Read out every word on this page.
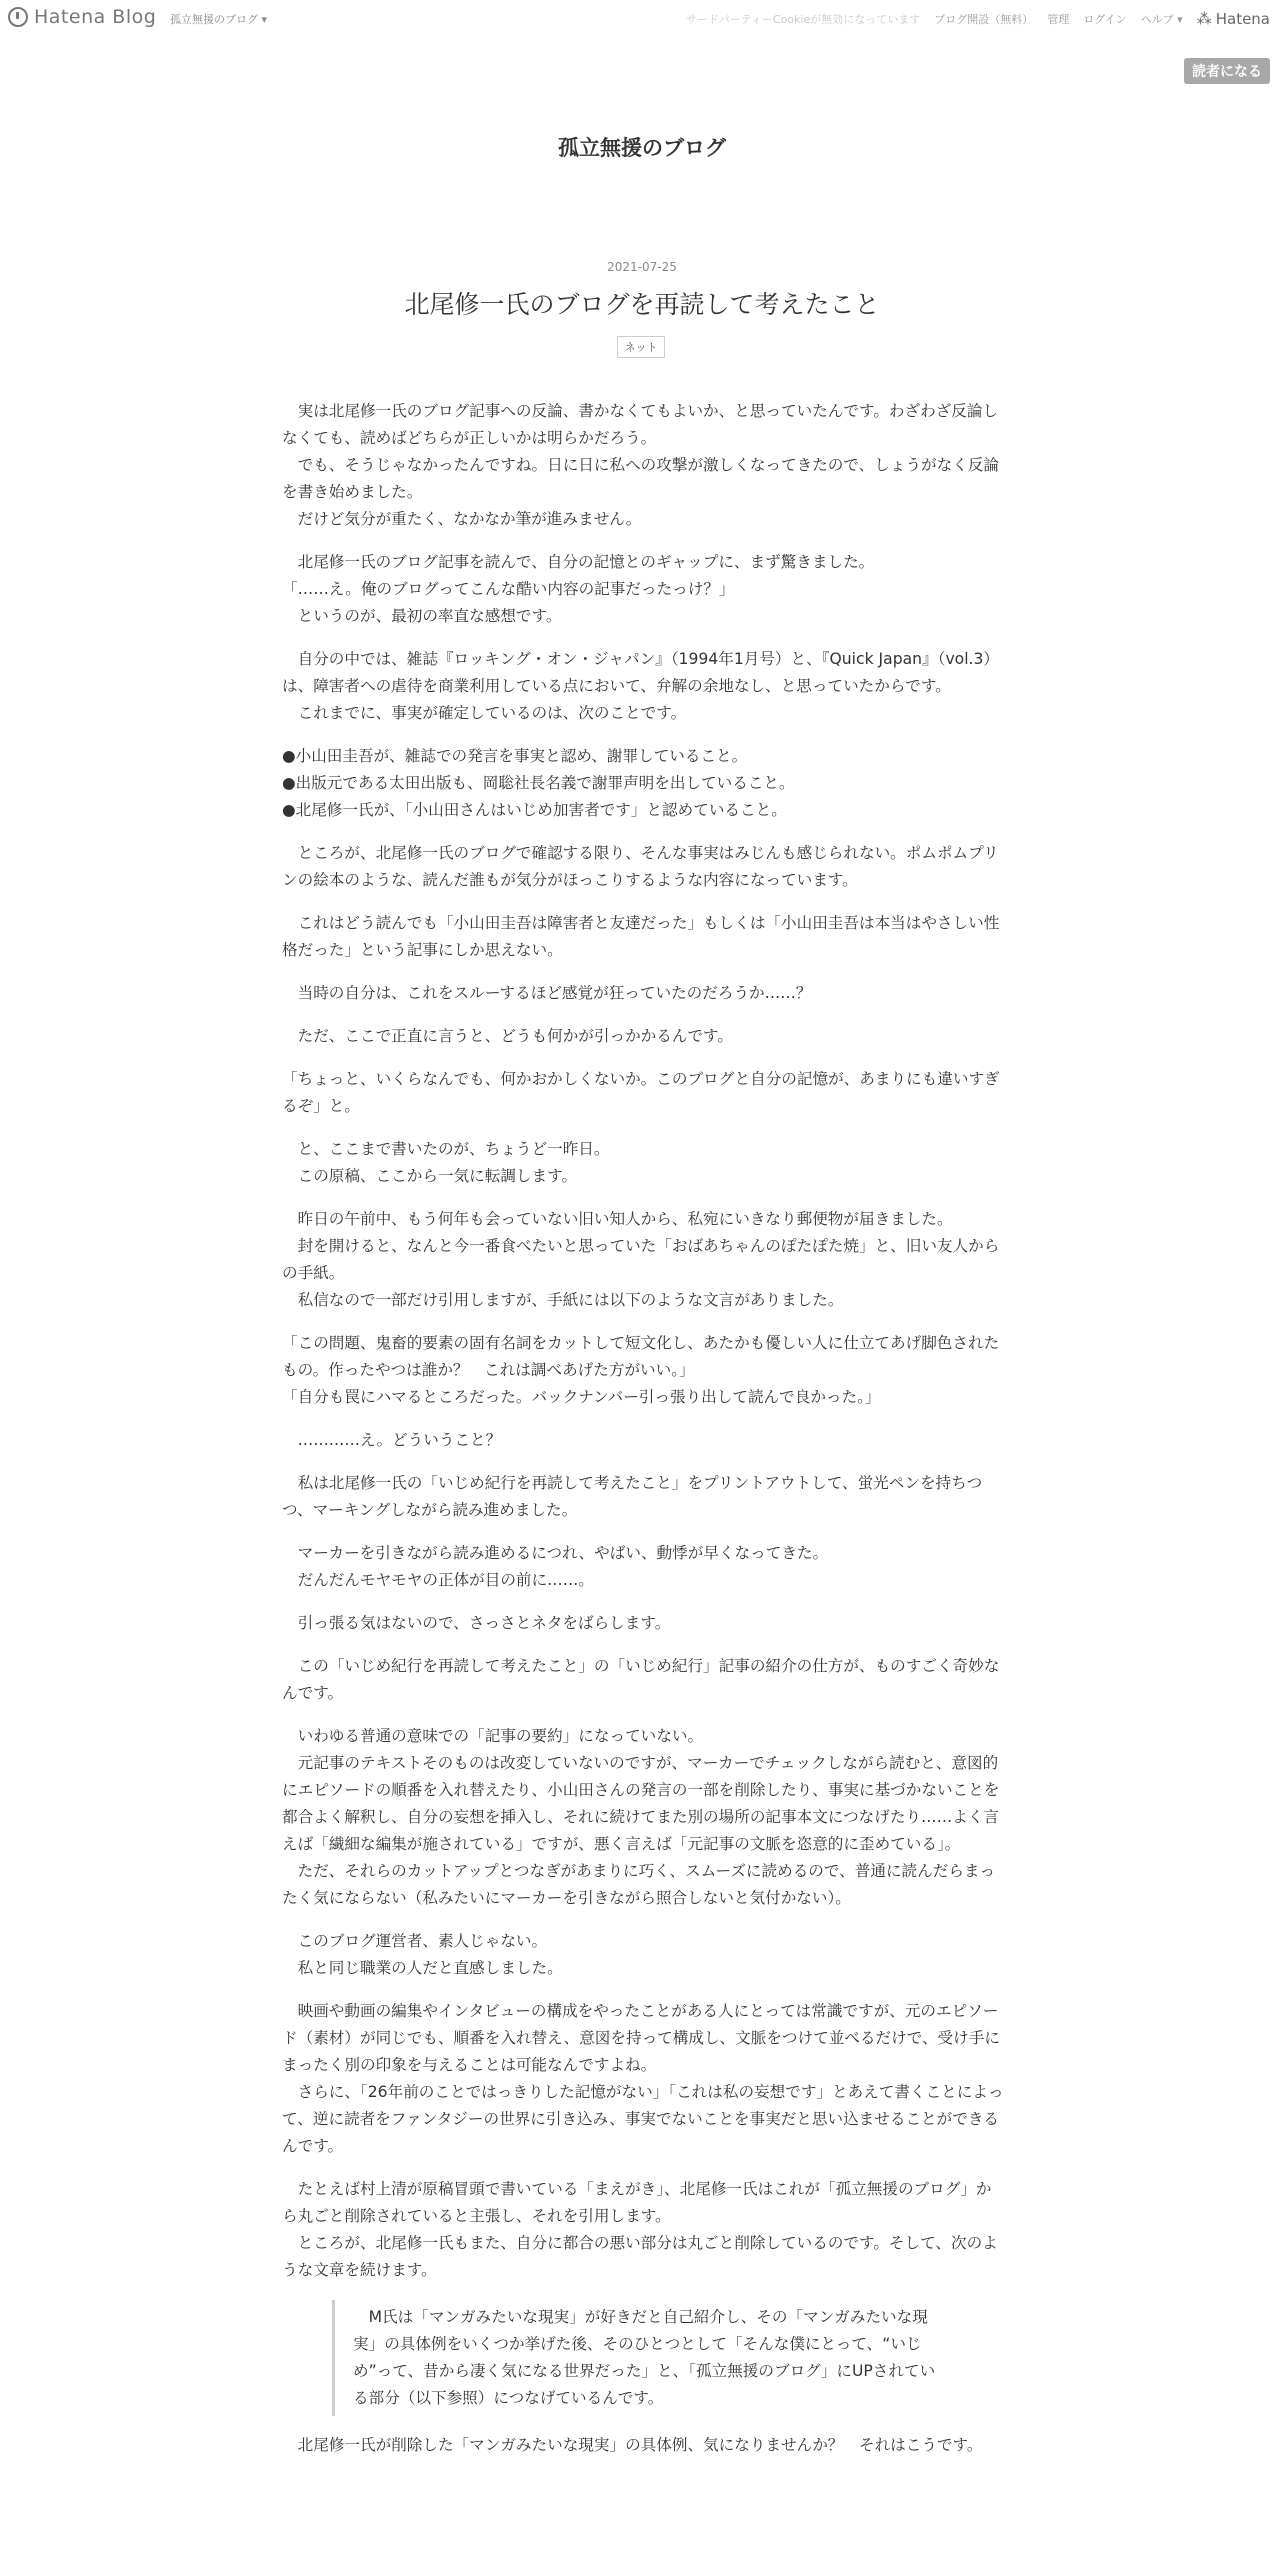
Hatena Blog 孤立無援のブログ ▾	サードパーティーCookieが無効になっています ブログ開設（無料） 管理 ログイン ヘルプ ▾ ⁂ Hatena
読者になる
孤立無援のブログ
2021-07-25
北尾修一氏のブログを再読して考えたこと
ネット

　実は北尾修一氏のブログ記事への反論、書かなくてもよいか、と思っていたんです。わざわざ反論しなくても、読めばどちらが正しいかは明らかだろう。

　でも、そうじゃなかったんですね。日に日に私への攻撃が激しくなってきたので、しょうがなく反論を書き始めました。

　だけど気分が重たく、なかなか筆が進みません。

　北尾修一氏のブログ記事を読んで、自分の記憶とのギャップに、まず驚きました。

「……え。俺のブログってこんな酷い内容の記事だったっけ？」

　というのが、最初の率直な感想です。

　自分の中では、雑誌『ロッキング・オン・ジャパン』（1994年1月号）と、『Quick Japan』（vol.3）は、障害者への虐待を商業利用している点において、弁解の余地なし、と思っていたからです。

　これまでに、事実が確定しているのは、次のことです。

●小山田圭吾が、雑誌での発言を事実と認め、謝罪していること。

●出版元である太田出版も、岡聡社長名義で謝罪声明を出していること。

●北尾修一氏が、「小山田さんはいじめ加害者です」と認めていること。

　ところが、北尾修一氏のブログで確認する限り、そんな事実はみじんも感じられない。ポムポムプリンの絵本のような、読んだ誰もが気分がほっこりするような内容になっています。

　これはどう読んでも「小山田圭吾は障害者と友達だった」もしくは「小山田圭吾は本当はやさしい性格だった」という記事にしか思えない。

　当時の自分は、これをスルーするほど感覚が狂っていたのだろうか……？

　ただ、ここで正直に言うと、どうも何かが引っかかるんです。

「ちょっと、いくらなんでも、何かおかしくないか。このブログと自分の記憶が、あまりにも違いすぎるぞ」と。

　と、ここまで書いたのが、ちょうど一昨日。

　この原稿、ここから一気に転調します。

　昨日の午前中、もう何年も会っていない旧い知人から、私宛にいきなり郵便物が届きました。

　封を開けると、なんと今一番食べたいと思っていた「おばあちゃんのぽたぽた焼」と、旧い友人からの手紙。

　私信なので一部だけ引用しますが、手紙には以下のような文言がありました。

「この問題、鬼畜的要素の固有名詞をカットして短文化し、あたかも優しい人に仕立てあげ脚色されたもの。作ったやつは誰か？　これは調べあげた方がいい。」

「自分も罠にハマるところだった。バックナンバー引っ張り出して読んで良かった。」

　…………え。どういうこと？

　私は北尾修一氏の「いじめ紀行を再読して考えたこと」をプリントアウトして、蛍光ペンを持ちつつ、マーキングしながら読み進めました。

　マーカーを引きながら読み進めるにつれ、やばい、動悸が早くなってきた。

　だんだんモヤモヤの正体が目の前に……。

　引っ張る気はないので、さっさとネタをばらします。

　この「いじめ紀行を再読して考えたこと」の「いじめ紀行」記事の紹介の仕方が、ものすごく奇妙なんです。

　いわゆる普通の意味での「記事の要約」になっていない。

　元記事のテキストそのものは改変していないのですが、マーカーでチェックしながら読むと、意図的にエピソードの順番を入れ替えたり、小山田さんの発言の一部を削除したり、事実に基づかないことを都合よく解釈し、自分の妄想を挿入し、それに続けてまた別の場所の記事本文につなげたり……よく言えば「繊細な編集が施されている」ですが、悪く言えば「元記事の文脈を恣意的に歪めている」。

　ただ、それらのカットアップとつなぎがあまりに巧く、スムーズに読めるので、普通に読んだらまったく気にならない（私みたいにマーカーを引きながら照合しないと気付かない）。

　このブログ運営者、素人じゃない。

　私と同じ職業の人だと直感しました。

　映画や動画の編集やインタビューの構成をやったことがある人にとっては常識ですが、元のエピソード（素材）が同じでも、順番を入れ替え、意図を持って構成し、文脈をつけて並べるだけで、受け手にまったく別の印象を与えることは可能なんですよね。

　さらに、「26年前のことではっきりした記憶がない」「これは私の妄想です」とあえて書くことによって、逆に読者をファンタジーの世界に引き込み、事実でないことを事実だと思い込ませることができるんです。

　たとえば村上清が原稿冒頭で書いている「まえがき」、北尾修一氏はこれが「孤立無援のブログ」から丸ごと削除されていると主張し、それを引用します。

　ところが、北尾修一氏もまた、自分に都合の悪い部分は丸ごと削除しているのです。そして、次のような文章を続けます。

　M氏は「マンガみたいな現実」が好きだと自己紹介し、その「マンガみたいな現実」の具体例をいくつか挙げた後、そのひとつとして「そんな僕にとって、“いじめ”って、昔から凄く気になる世界だった」と、「孤立無援のブログ」にUPされている部分（以下参照）につなげているんです。

　北尾修一氏が削除した「マンガみたいな現実」の具体例、気になりませんか？　それはこうです。
